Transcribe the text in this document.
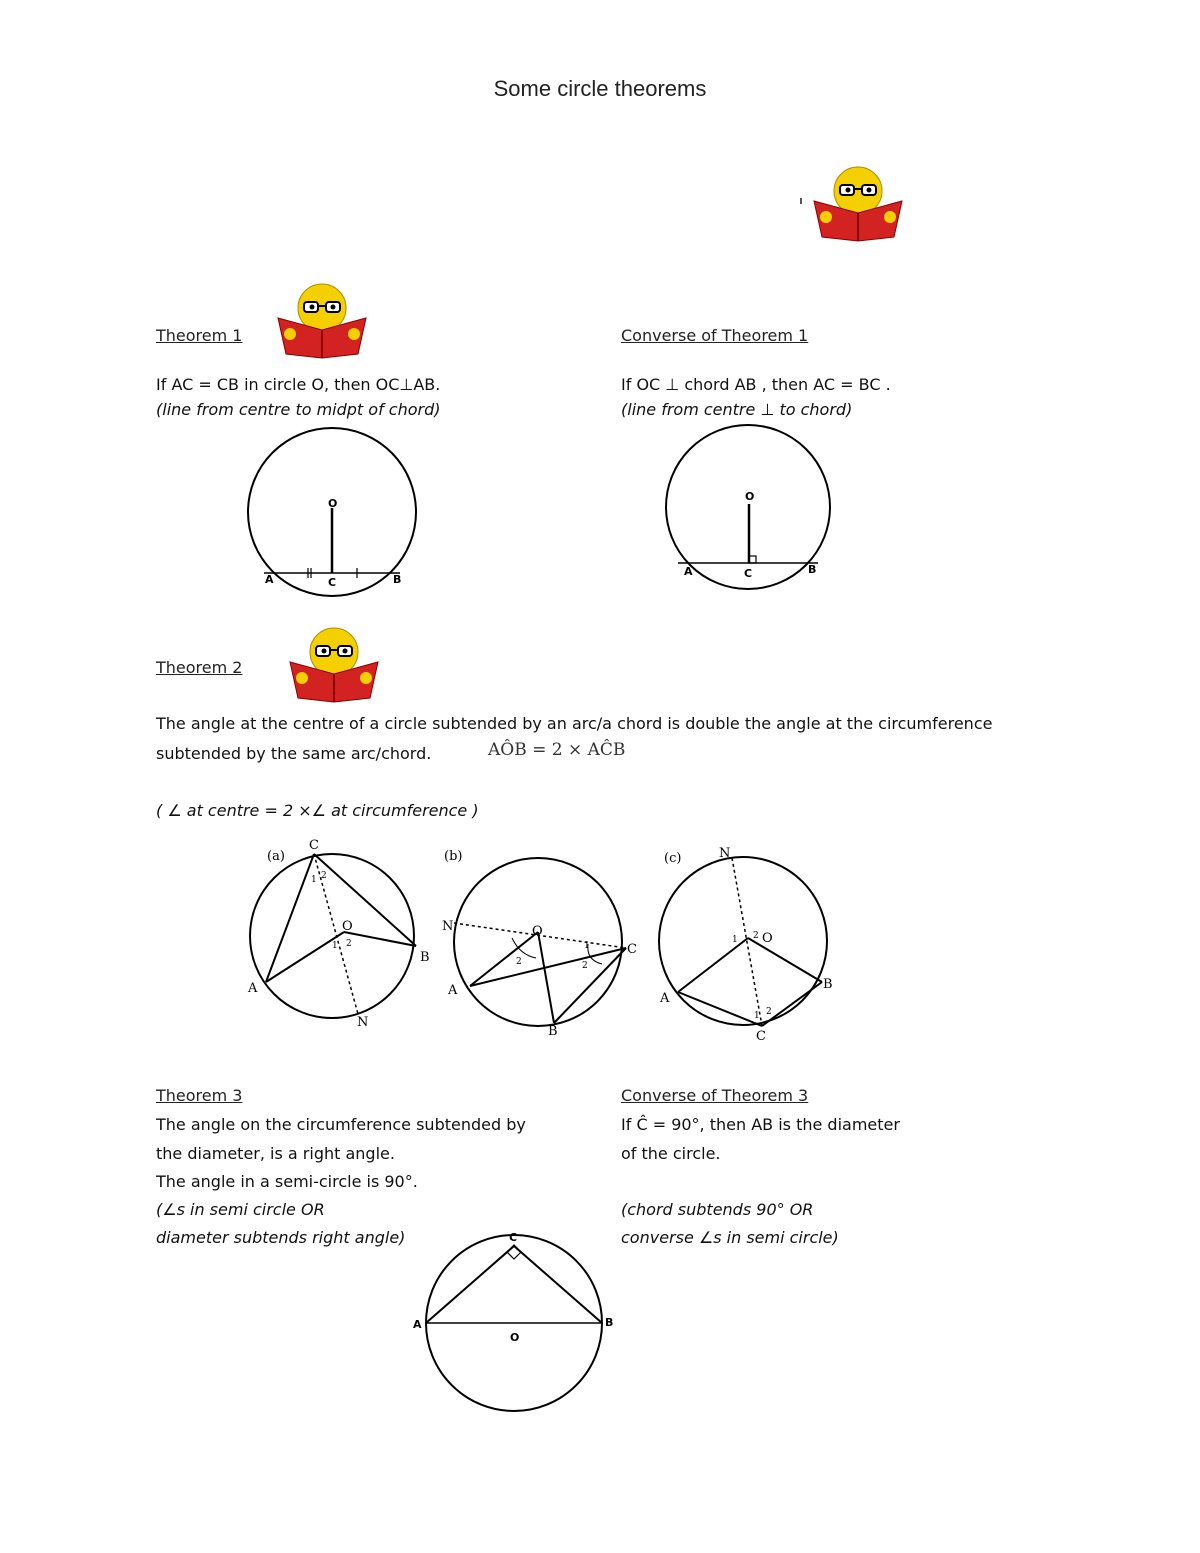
Some circle theorems
Theorem 1
If AC = CB in circle O, then OC⊥AB.
(line from centre to midpt of chord)
O
A	C	B
Converse of Theorem 1
If OC ⊥ chord AB , then AC = BC .
(line from centre ⊥ to chord)
O
A	C	B
Theorem 2
The angle at the centre of a circle subtended by an arc/a chord is double the angle at the circumference
subtended by the same arc/chord.	AÔB = 2 × AĈB
( ∠ at centre = 2 ×∠ at circumference )
(a)
C
O
A
B
N
1 2
1 2
(b)
N	O
C
A
B
2
1
2
(c)	N
O
A
B
C
1 2
1 2
Theorem 3
The angle on the circumference subtended by
the diameter, is a right angle.
The angle in a semi-circle is 90°.
(∠s in semi circle OR
diameter subtends right angle)
Converse of Theorem 3
If Ĉ = 90°, then AB is the diameter
of the circle.
(chord subtends 90° OR
converse ∠s in semi circle)
C
A
O
B
